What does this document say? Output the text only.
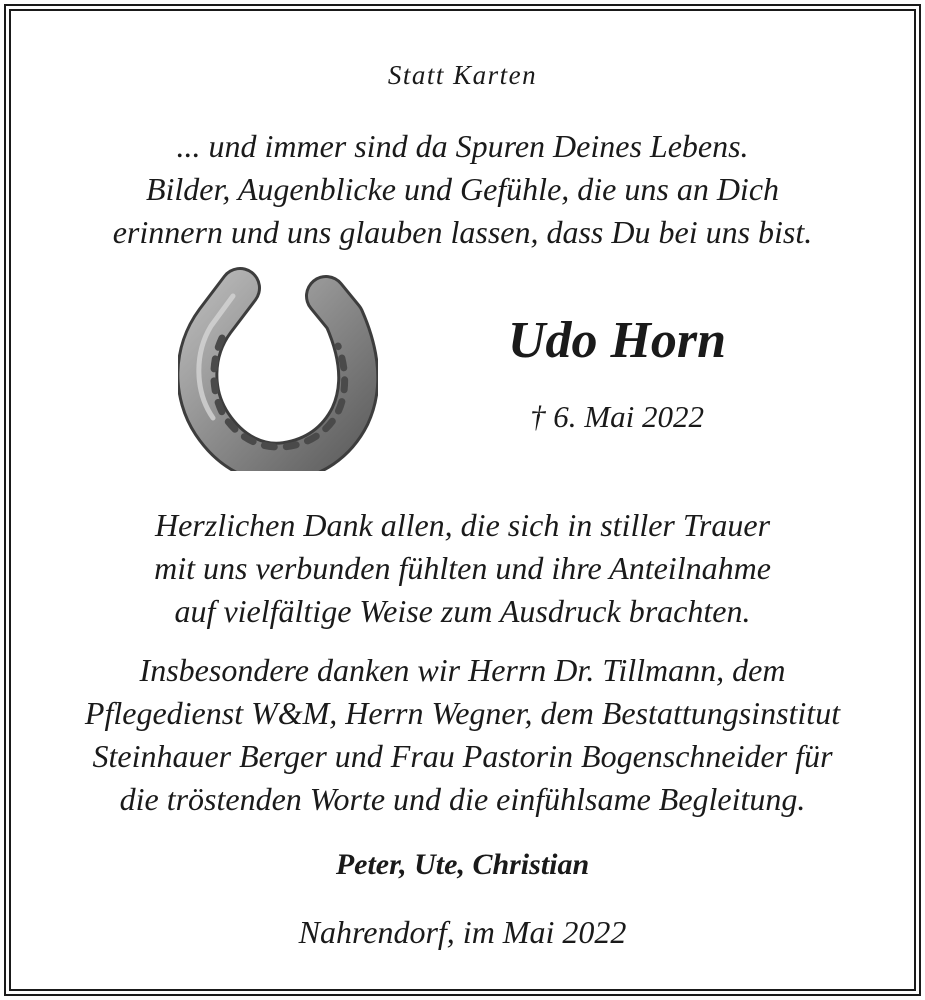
Statt Karten
... und immer sind da Spuren Deines Lebens.
Bilder, Augenblicke und Gefühle, die uns an Dich
erinnern und uns glauben lassen, dass Du bei uns bist.
Udo Horn
† 6. Mai 2022
Herzlichen Dank allen, die sich in stiller Trauer
mit uns verbunden fühlten und ihre Anteilnahme
auf vielfältige Weise zum Ausdruck brachten.
Insbesondere danken wir Herrn Dr. Tillmann, dem
Pflegedienst W&M, Herrn Wegner, dem Bestattungsinstitut
Steinhauer Berger und Frau Pastorin Bogenschneider für
die tröstenden Worte und die einfühlsame Begleitung.
Peter, Ute, Christian
Nahrendorf, im Mai 2022
